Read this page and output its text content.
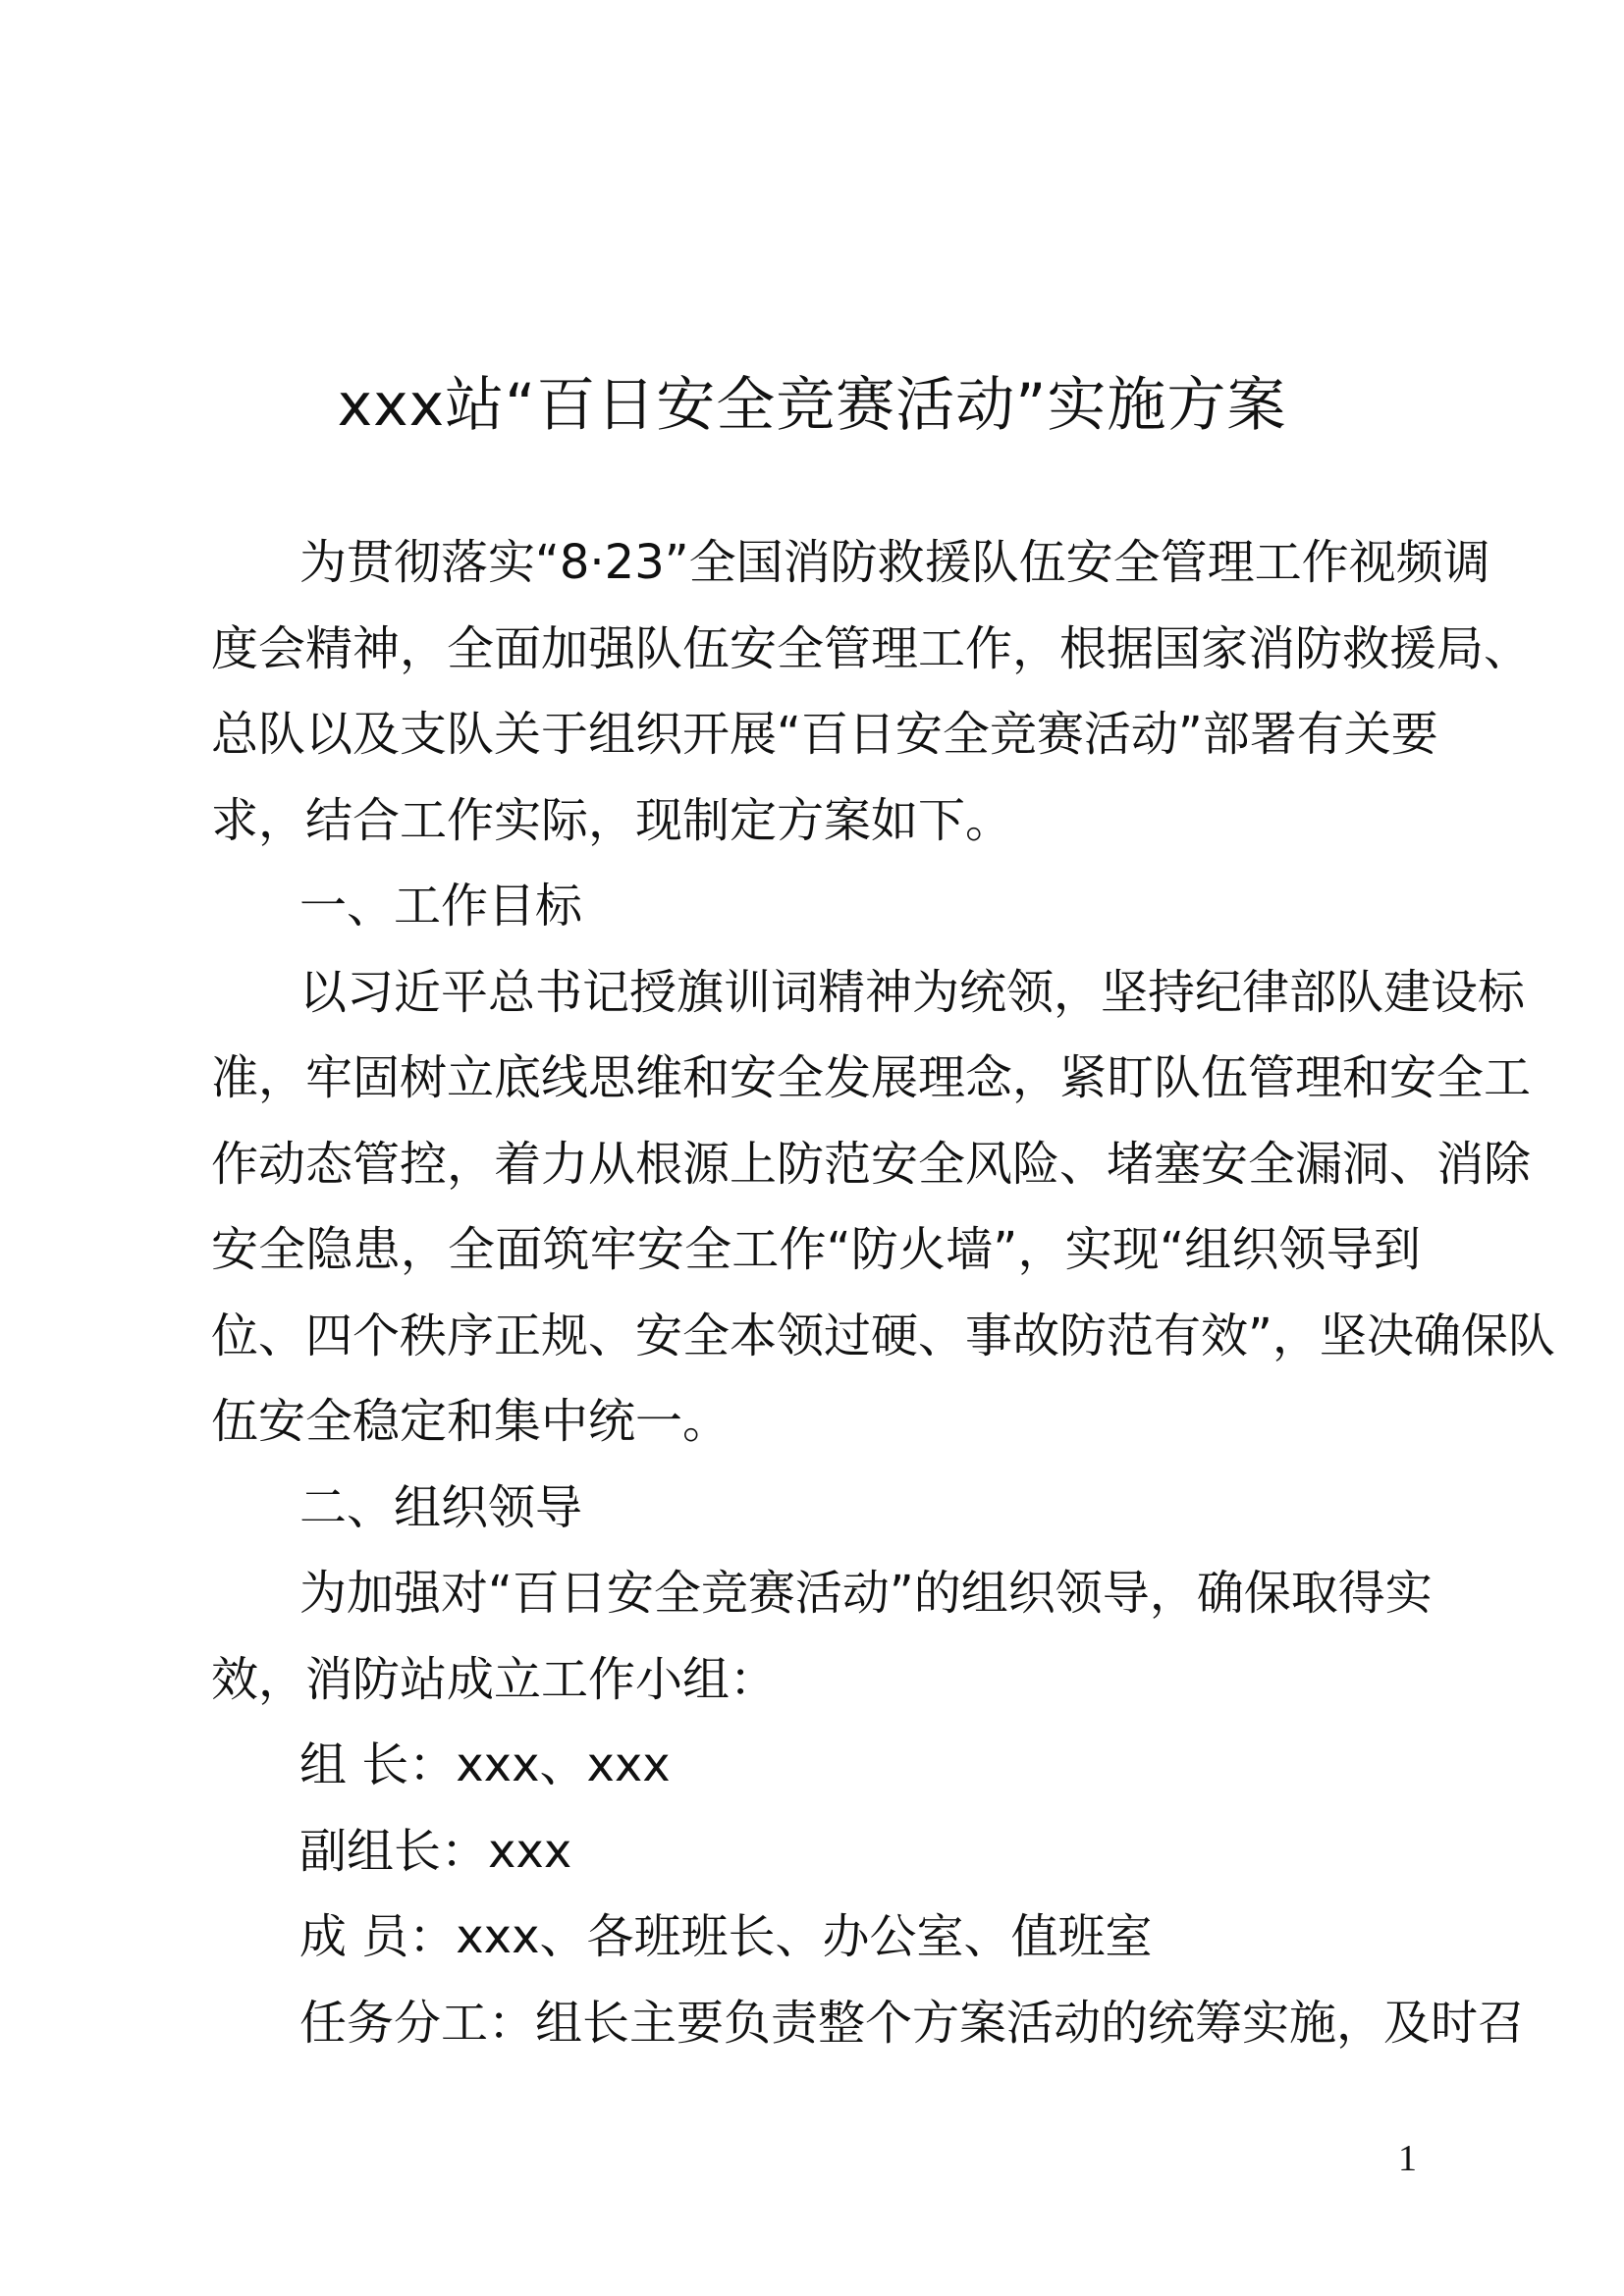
xxx站“百日安全竞赛活动”实施方案
为贯彻落实“8·23”全国消防救援队伍安全管理工作视频调
度会精神，全面加强队伍安全管理工作，根据国家消防救援局、
总队以及支队关于组织开展“百日安全竞赛活动”部署有关要
求，结合工作实际，现制定方案如下。
一、工作目标
以习近平总书记授旗训词精神为统领，坚持纪律部队建设标
准，牢固树立底线思维和安全发展理念，紧盯队伍管理和安全工
作动态管控，着力从根源上防范安全风险、堵塞安全漏洞、消除
安全隐患，全面筑牢安全工作“防火墙”，实现“组织领导到
位、四个秩序正规、安全本领过硬、事故防范有效”，坚决确保队
伍安全稳定和集中统一。
二、组织领导
为加强对“百日安全竞赛活动”的组织领导，确保取得实
效，消防站成立工作小组：
组 长：xxx、xxx
副组长：xxx
成 员：xxx、各班班长、办公室、值班室
任务分工：组长主要负责整个方案活动的统筹实施，及时召
1
